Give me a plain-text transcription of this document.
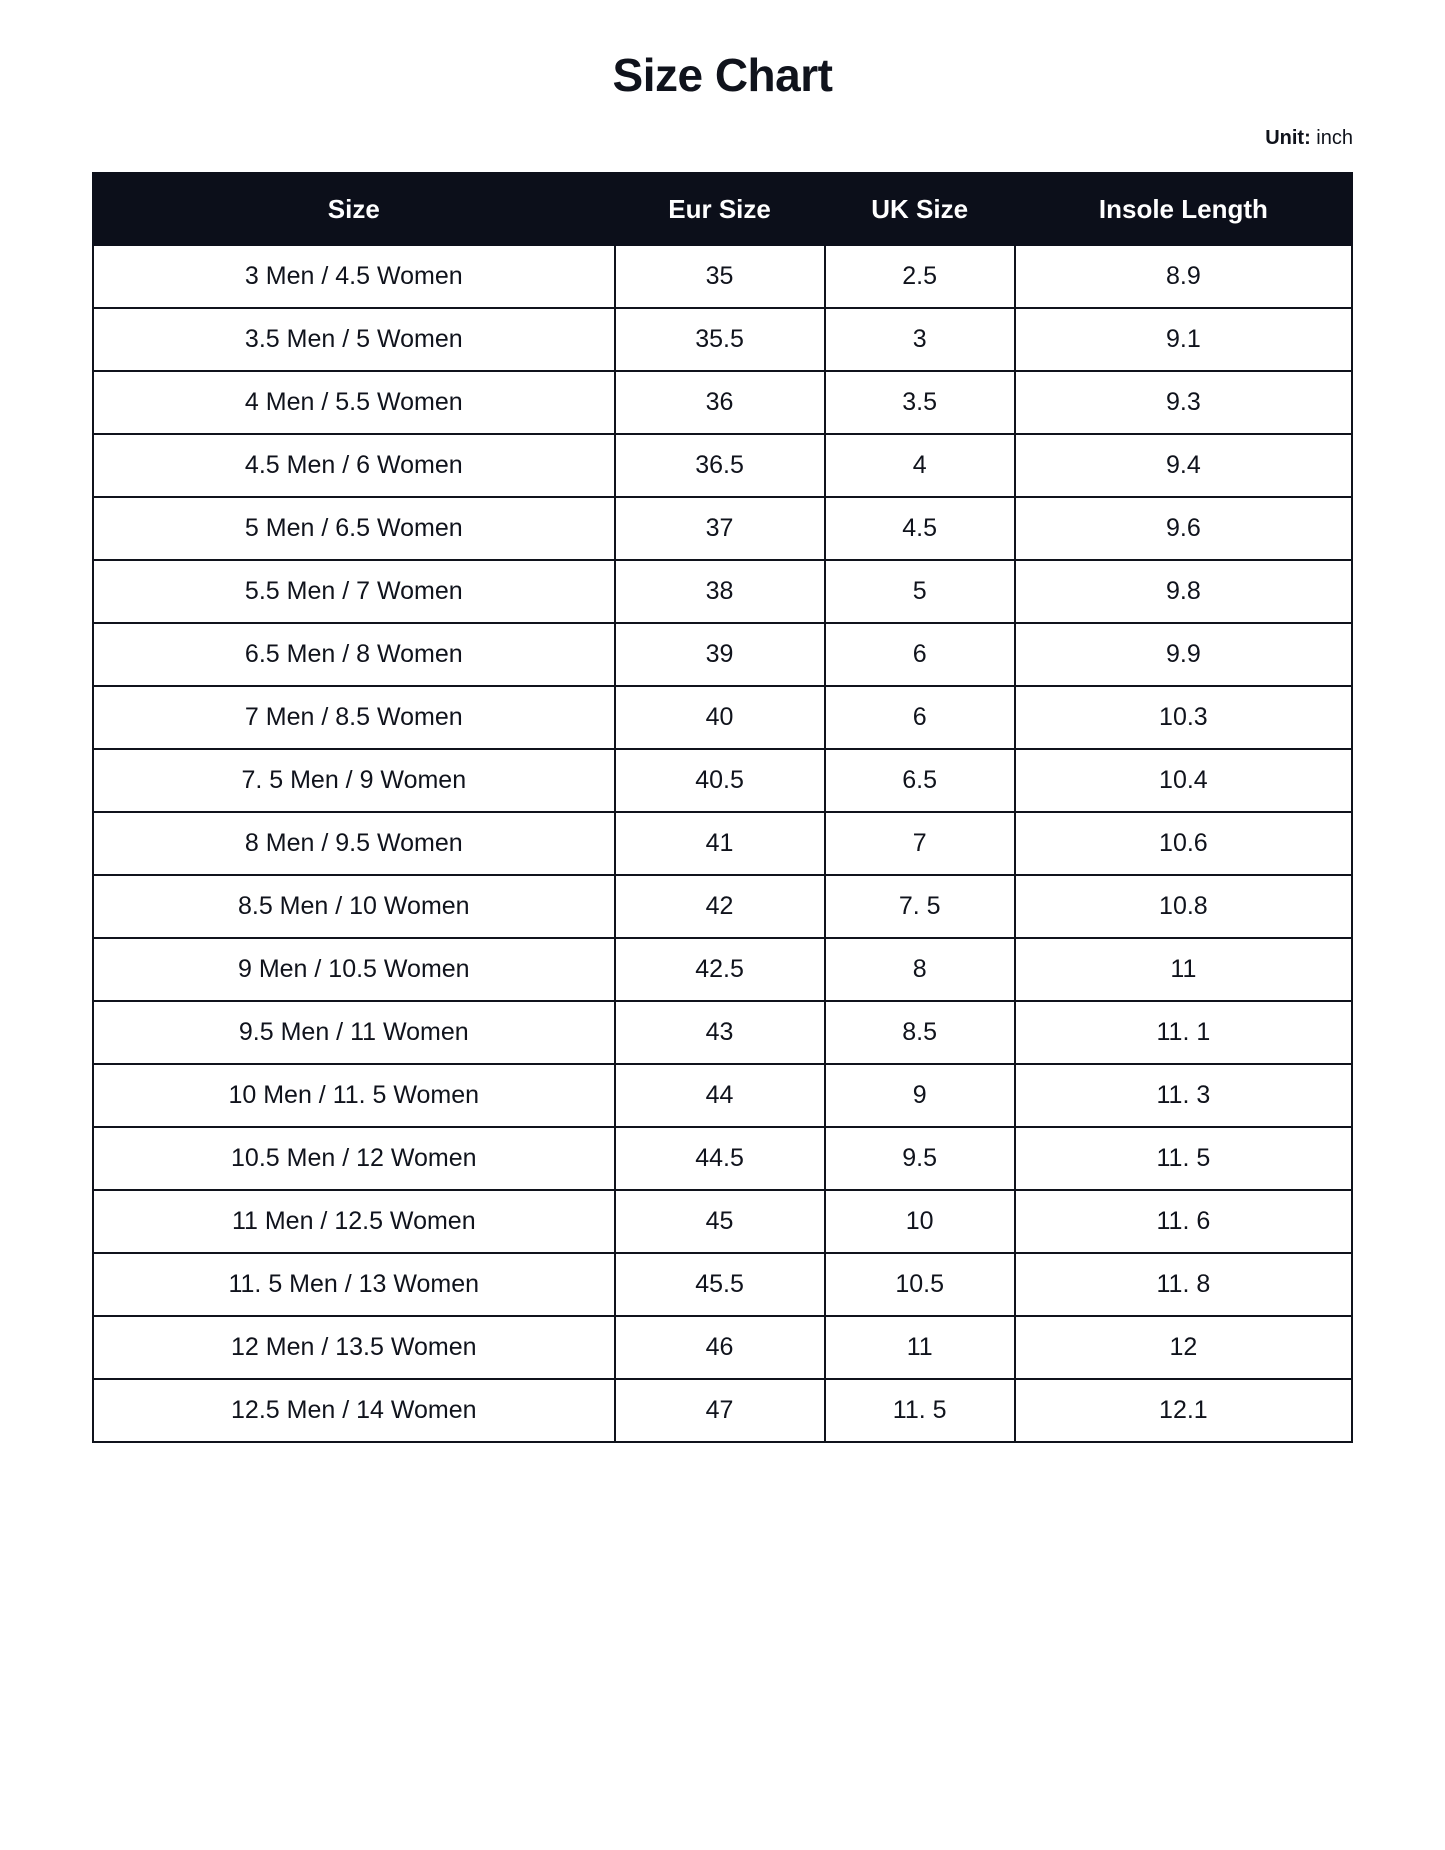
Size Chart
Unit: inch
Size	Eur Size	UK Size	Insole Length
3 Men / 4.5 Women	35	2.5	8.9
3.5 Men / 5 Women	35.5	3	9.1
4 Men / 5.5 Women	36	3.5	9.3
4.5 Men / 6 Women	36.5	4	9.4
5 Men / 6.5 Women	37	4.5	9.6
5.5 Men / 7 Women	38	5	9.8
6.5 Men / 8 Women	39	6	9.9
7 Men / 8.5 Women	40	6	10.3
7. 5 Men / 9 Women	40.5	6.5	10.4
8 Men / 9.5 Women	41	7	10.6
8.5 Men / 10 Women	42	7. 5	10.8
9 Men / 10.5 Women	42.5	8	11
9.5 Men / 11 Women	43	8.5	11. 1
10 Men / 11. 5 Women	44	9	11. 3
10.5 Men / 12 Women	44.5	9.5	11. 5
11 Men / 12.5 Women	45	10	11. 6
11. 5 Men / 13 Women	45.5	10.5	11. 8
12 Men / 13.5 Women	46	11	12
12.5 Men / 14 Women	47	11. 5	12.1
